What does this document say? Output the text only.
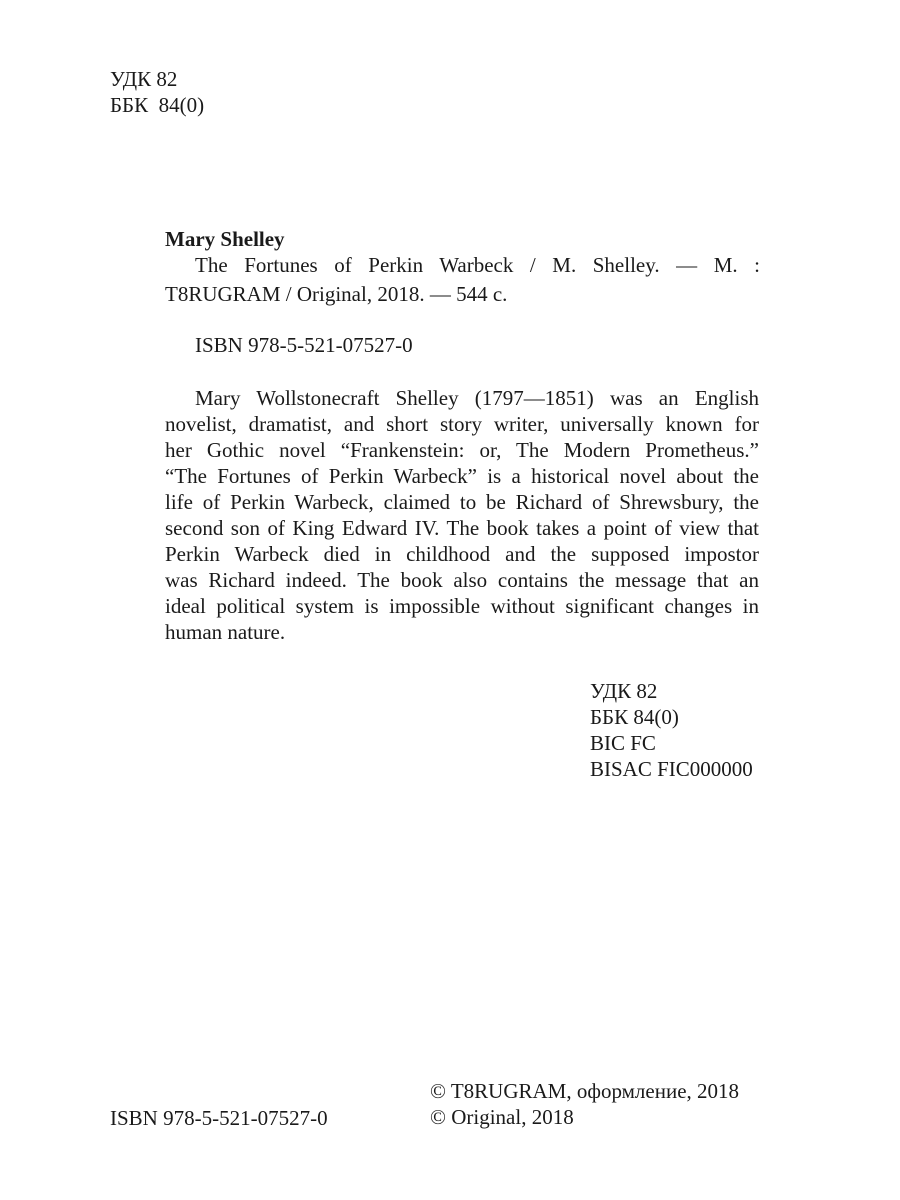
УДК 82
ББК  84(0)
Mary Shelley
The Fortunes of Perkin Warbeck / M. Shelley. — M. :
T8RUGRAM / Original, 2018. — 544 c.
ISBN 978-5-521-07527-0
Mary Wollstonecraft Shelley (1797—1851) was an English
novelist, dramatist, and short story writer, universally known for
her Gothic novel “Frankenstein: or, The Modern Prometheus.”
“The Fortunes of Perkin Warbeck” is a historical novel about the
life of Perkin Warbeck, claimed to be Richard of Shrewsbury, the
second son of King Edward IV. The book takes a point of view that
Perkin Warbeck died in childhood and the supposed impostor
was Richard indeed. The book also contains the message that an
ideal political system is impossible without significant changes in
human nature.
УДК 82
ББК 84(0)
BIC FC
BISAC FIC000000
ISBN 978-5-521-07527-0
© T8RUGRAM, оформление, 2018
© Original, 2018
